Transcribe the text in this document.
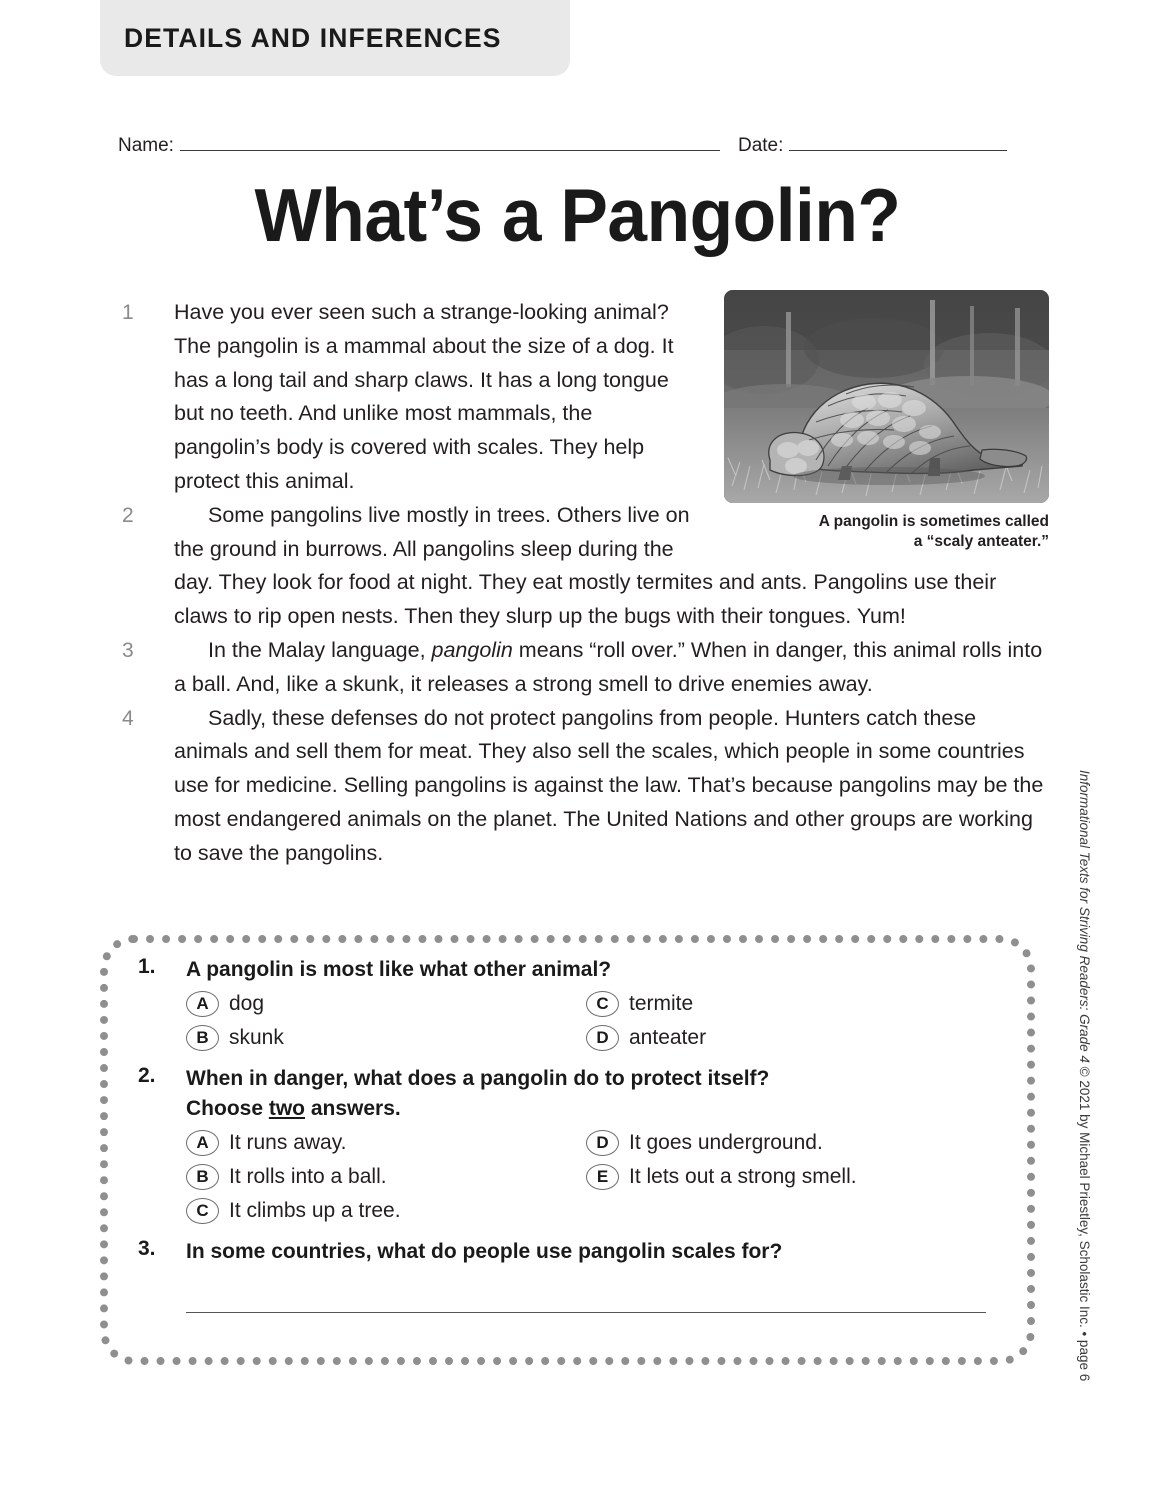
DETAILS AND INFERENCES
Name:	Date:
What’s a Pangolin?
A pangolin is sometimes called
a “scaly anteater.”

1 Have you ever seen such a strange-looking animal? The pangolin is a mammal about the size of a dog. It has a long tail and sharp claws. It has a long tongue but no teeth. And unlike most mammals, the pangolin’s body is covered with scales. They help protect this animal.

2	Some pangolins live mostly in trees. Others live on the ground in burrows. All pangolins sleep during the day. They look for food at night. They eat mostly termites and ants. Pangolins use their claws to rip open nests. Then they slurp up the bugs with their tongues. Yum!

3	In the Malay language, pangolin means “roll over.” When in danger, this animal rolls into a ball. And, like a skunk, it releases a strong smell to drive enemies away.

4	Sadly, these defenses do not protect pangolins from people. Hunters catch these animals and sell them for meat. They also sell the scales, which people in some countries use for medicine. Selling pangolins is against the law. That’s because pangolins may be the most endangered animals on the planet. The United Nations and other groups are working to save the pangolins.

1. A pangolin is most like what other animal?
A dog
B skunk
C termite
D anteater
2. When in danger, what does a pangolin do to protect itself?
Choose two answers.
A It runs away.
B It rolls into a ball.
C It climbs up a tree.
D It goes underground.
E It lets out a strong smell.
3. In some countries, what do people use pangolin scales for?
Informational Texts for Striving Readers: Grade 4 © 2021 by Michael Priestley, Scholastic Inc. • page 6
